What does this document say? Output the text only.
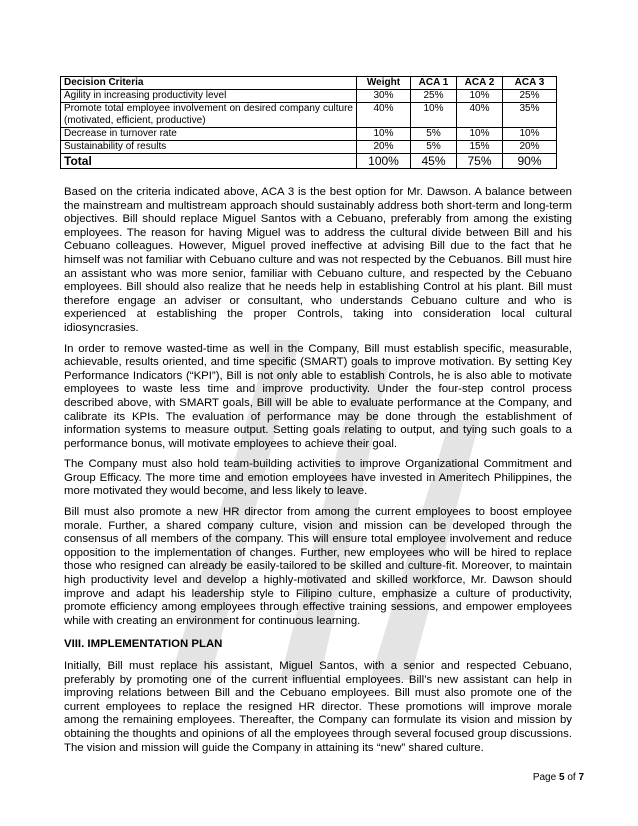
Decision Criteria	Weight	ACA 1	ACA 2	ACA 3
Agility in increasing productivity level	30%	25%	10%	25%
Promote total employee involvement on desired company culture (motivated, efficient, productive)	40%	10%	40%	35%
Decrease in turnover rate	10%	5%	10%	10%
Sustainability of results	20%	5%	15%	20%
Total	100%	45%	75%	90%

Based on the criteria indicated above, ACA 3 is the best option for Mr. Dawson. A balance between the mainstream and multistream approach should sustainably address both short-term and long-term objectives. Bill should replace Miguel Santos with a Cebuano, preferably from among the existing employees. The reason for having Miguel was to address the cultural divide between Bill and his Cebuano colleagues. However, Miguel proved ineffective at advising Bill due to the fact that he himself was not familiar with Cebuano culture and was not respected by the Cebuanos. Bill must hire an assistant who was more senior, familiar with Cebuano culture, and respected by the Cebuano employees. Bill should also realize that he needs help in establishing Control at his plant. Bill must therefore engage an adviser or consultant, who understands Cebuano culture and who is experienced at establishing the proper Controls, taking into consideration local cultural idiosyncrasies.

In order to remove wasted-time as well in the Company, Bill must establish specific, measurable, achievable, results oriented, and time specific (SMART) goals to improve motivation. By setting Key Performance Indicators (“KPI”), Bill is not only able to establish Controls, he is also able to motivate employees to waste less time and improve productivity. Under the four-step control process described above, with SMART goals, Bill will be able to evaluate performance at the Company, and calibrate its KPIs. The evaluation of performance may be done through the establishment of information systems to measure output. Setting goals relating to output, and tying such goals to a performance bonus, will motivate employees to achieve their goal.

The Company must also hold team-building activities to improve Organizational Commitment and Group Efficacy. The more time and emotion employees have invested in Ameritech Philippines, the more motivated they would become, and less likely to leave.

Bill must also promote a new HR director from among the current employees to boost employee morale. Further, a shared company culture, vision and mission can be developed through the consensus of all members of the company. This will ensure total employee involvement and reduce opposition to the implementation of changes. Further, new employees who will be hired to replace those who resigned can already be easily-tailored to be skilled and culture-fit. Moreover, to maintain high productivity level and develop a highly-motivated and skilled workforce, Mr. Dawson should improve and adapt his leadership style to Filipino culture, emphasize a culture of productivity, promote efficiency among employees through effective training sessions, and empower employees while with creating an environment for continuous learning.

VIII. IMPLEMENTATION PLAN

Initially, Bill must replace his assistant, Miguel Santos, with a senior and respected Cebuano, preferably by promoting one of the current influential employees. Bill’s new assistant can help in improving relations between Bill and the Cebuano employees. Bill must also promote one of the current employees to replace the resigned HR director. These promotions will improve morale among the remaining employees. Thereafter, the Company can formulate its vision and mission by obtaining the thoughts and opinions of all the employees through several focused group discussions. The vision and mission will guide the Company in attaining its “new” shared culture.

Page 5 of 7
